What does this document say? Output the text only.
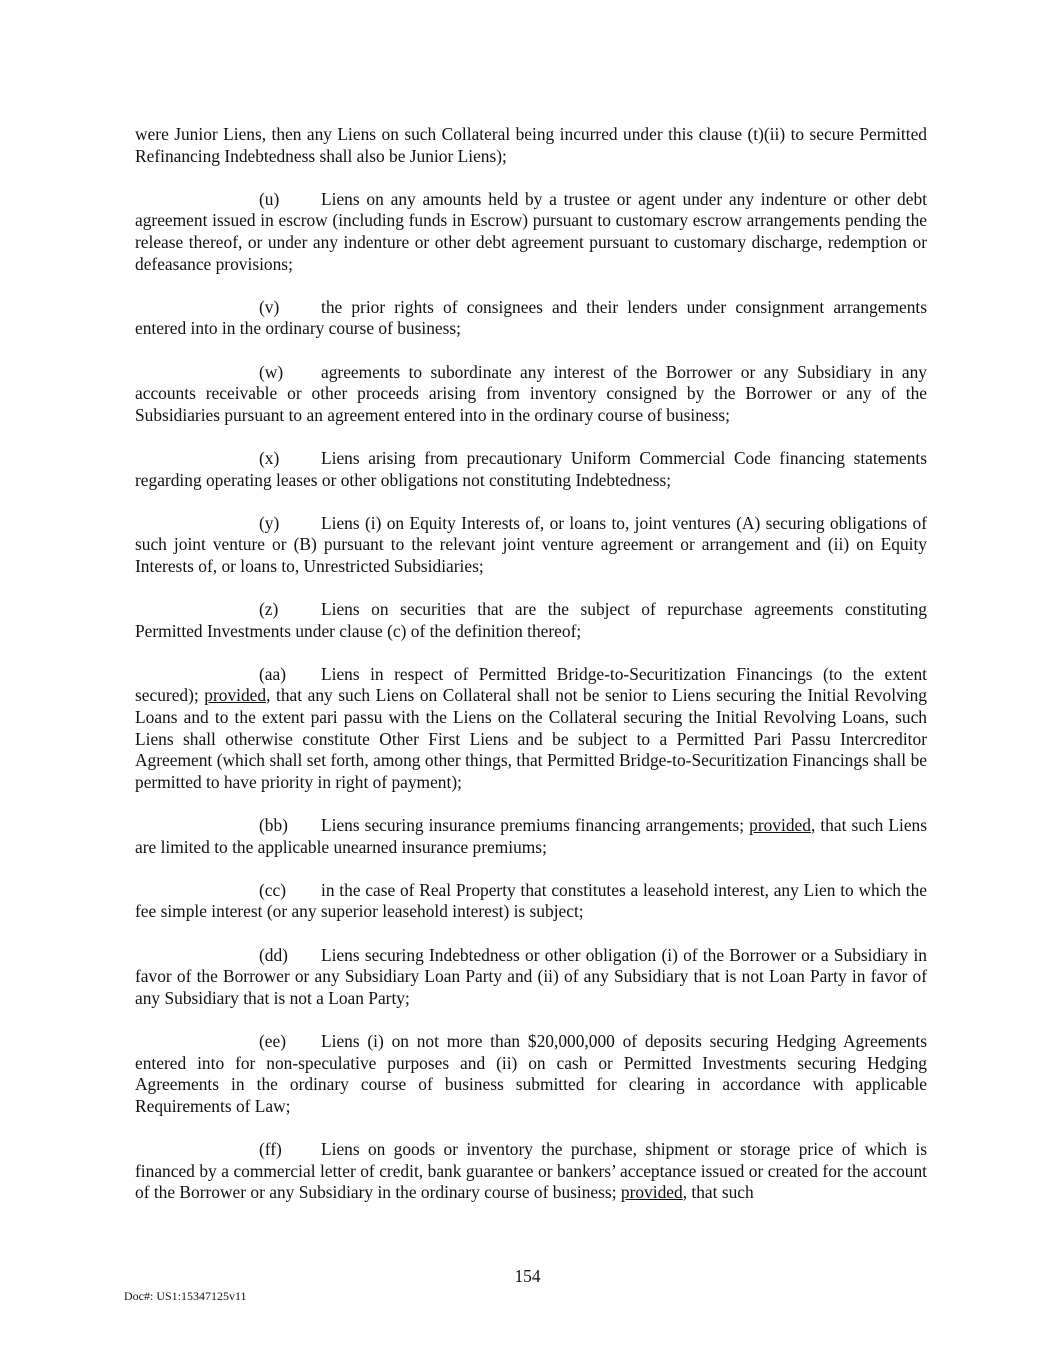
were Junior Liens, then any Liens on such Collateral being incurred under this clause (t)(ii) to secure Permitted Refinancing Indebtedness shall also be Junior Liens);

(u) Liens on any amounts held by a trustee or agent under any indenture or other debt agreement issued in escrow (including funds in Escrow) pursuant to customary escrow arrangements pending the release thereof, or under any indenture or other debt agreement pursuant to customary discharge, redemption or defeasance provisions;

(v) the prior rights of consignees and their lenders under consignment arrangements entered into in the ordinary course of business;

(w) agreements to subordinate any interest of the Borrower or any Subsidiary in any accounts receivable or other proceeds arising from inventory consigned by the Borrower or any of the Subsidiaries pursuant to an agreement entered into in the ordinary course of business;

(x) Liens arising from precautionary Uniform Commercial Code financing statements regarding operating leases or other obligations not constituting Indebtedness;

(y) Liens (i) on Equity Interests of, or loans to, joint ventures (A) securing obligations of such joint venture or (B) pursuant to the relevant joint venture agreement or arrangement and (ii) on Equity Interests of, or loans to, Unrestricted Subsidiaries;

(z) Liens on securities that are the subject of repurchase agreements constituting Permitted Investments under clause (c) of the definition thereof;

(aa) Liens in respect of Permitted Bridge-to-Securitization Financings (to the extent secured); provided, that any such Liens on Collateral shall not be senior to Liens securing the Initial Revolving Loans and to the extent pari passu with the Liens on the Collateral securing the Initial Revolving Loans, such Liens shall otherwise constitute Other First Liens and be subject to a Permitted Pari Passu Intercreditor Agreement (which shall set forth, among other things, that Permitted Bridge-to-Securitization Financings shall be permitted to have priority in right of payment);

(bb) Liens securing insurance premiums financing arrangements; provided, that such Liens are limited to the applicable unearned insurance premiums;

(cc) in the case of Real Property that constitutes a leasehold interest, any Lien to which the fee simple interest (or any superior leasehold interest) is subject;

(dd) Liens securing Indebtedness or other obligation (i) of the Borrower or a Subsidiary in favor of the Borrower or any Subsidiary Loan Party and (ii) of any Subsidiary that is not Loan Party in favor of any Subsidiary that is not a Loan Party;

(ee) Liens (i) on not more than $20,000,000 of deposits securing Hedging Agreements entered into for non-speculative purposes and (ii) on cash or Permitted Investments securing Hedging Agreements in the ordinary course of business submitted for clearing in accordance with applicable Requirements of Law;

(ff) Liens on goods or inventory the purchase, shipment or storage price of which is financed by a commercial letter of credit, bank guarantee or bankers’ acceptance issued or created for the account of the Borrower or any Subsidiary in the ordinary course of business; provided, that such

154
Doc#: US1:15347125v11
